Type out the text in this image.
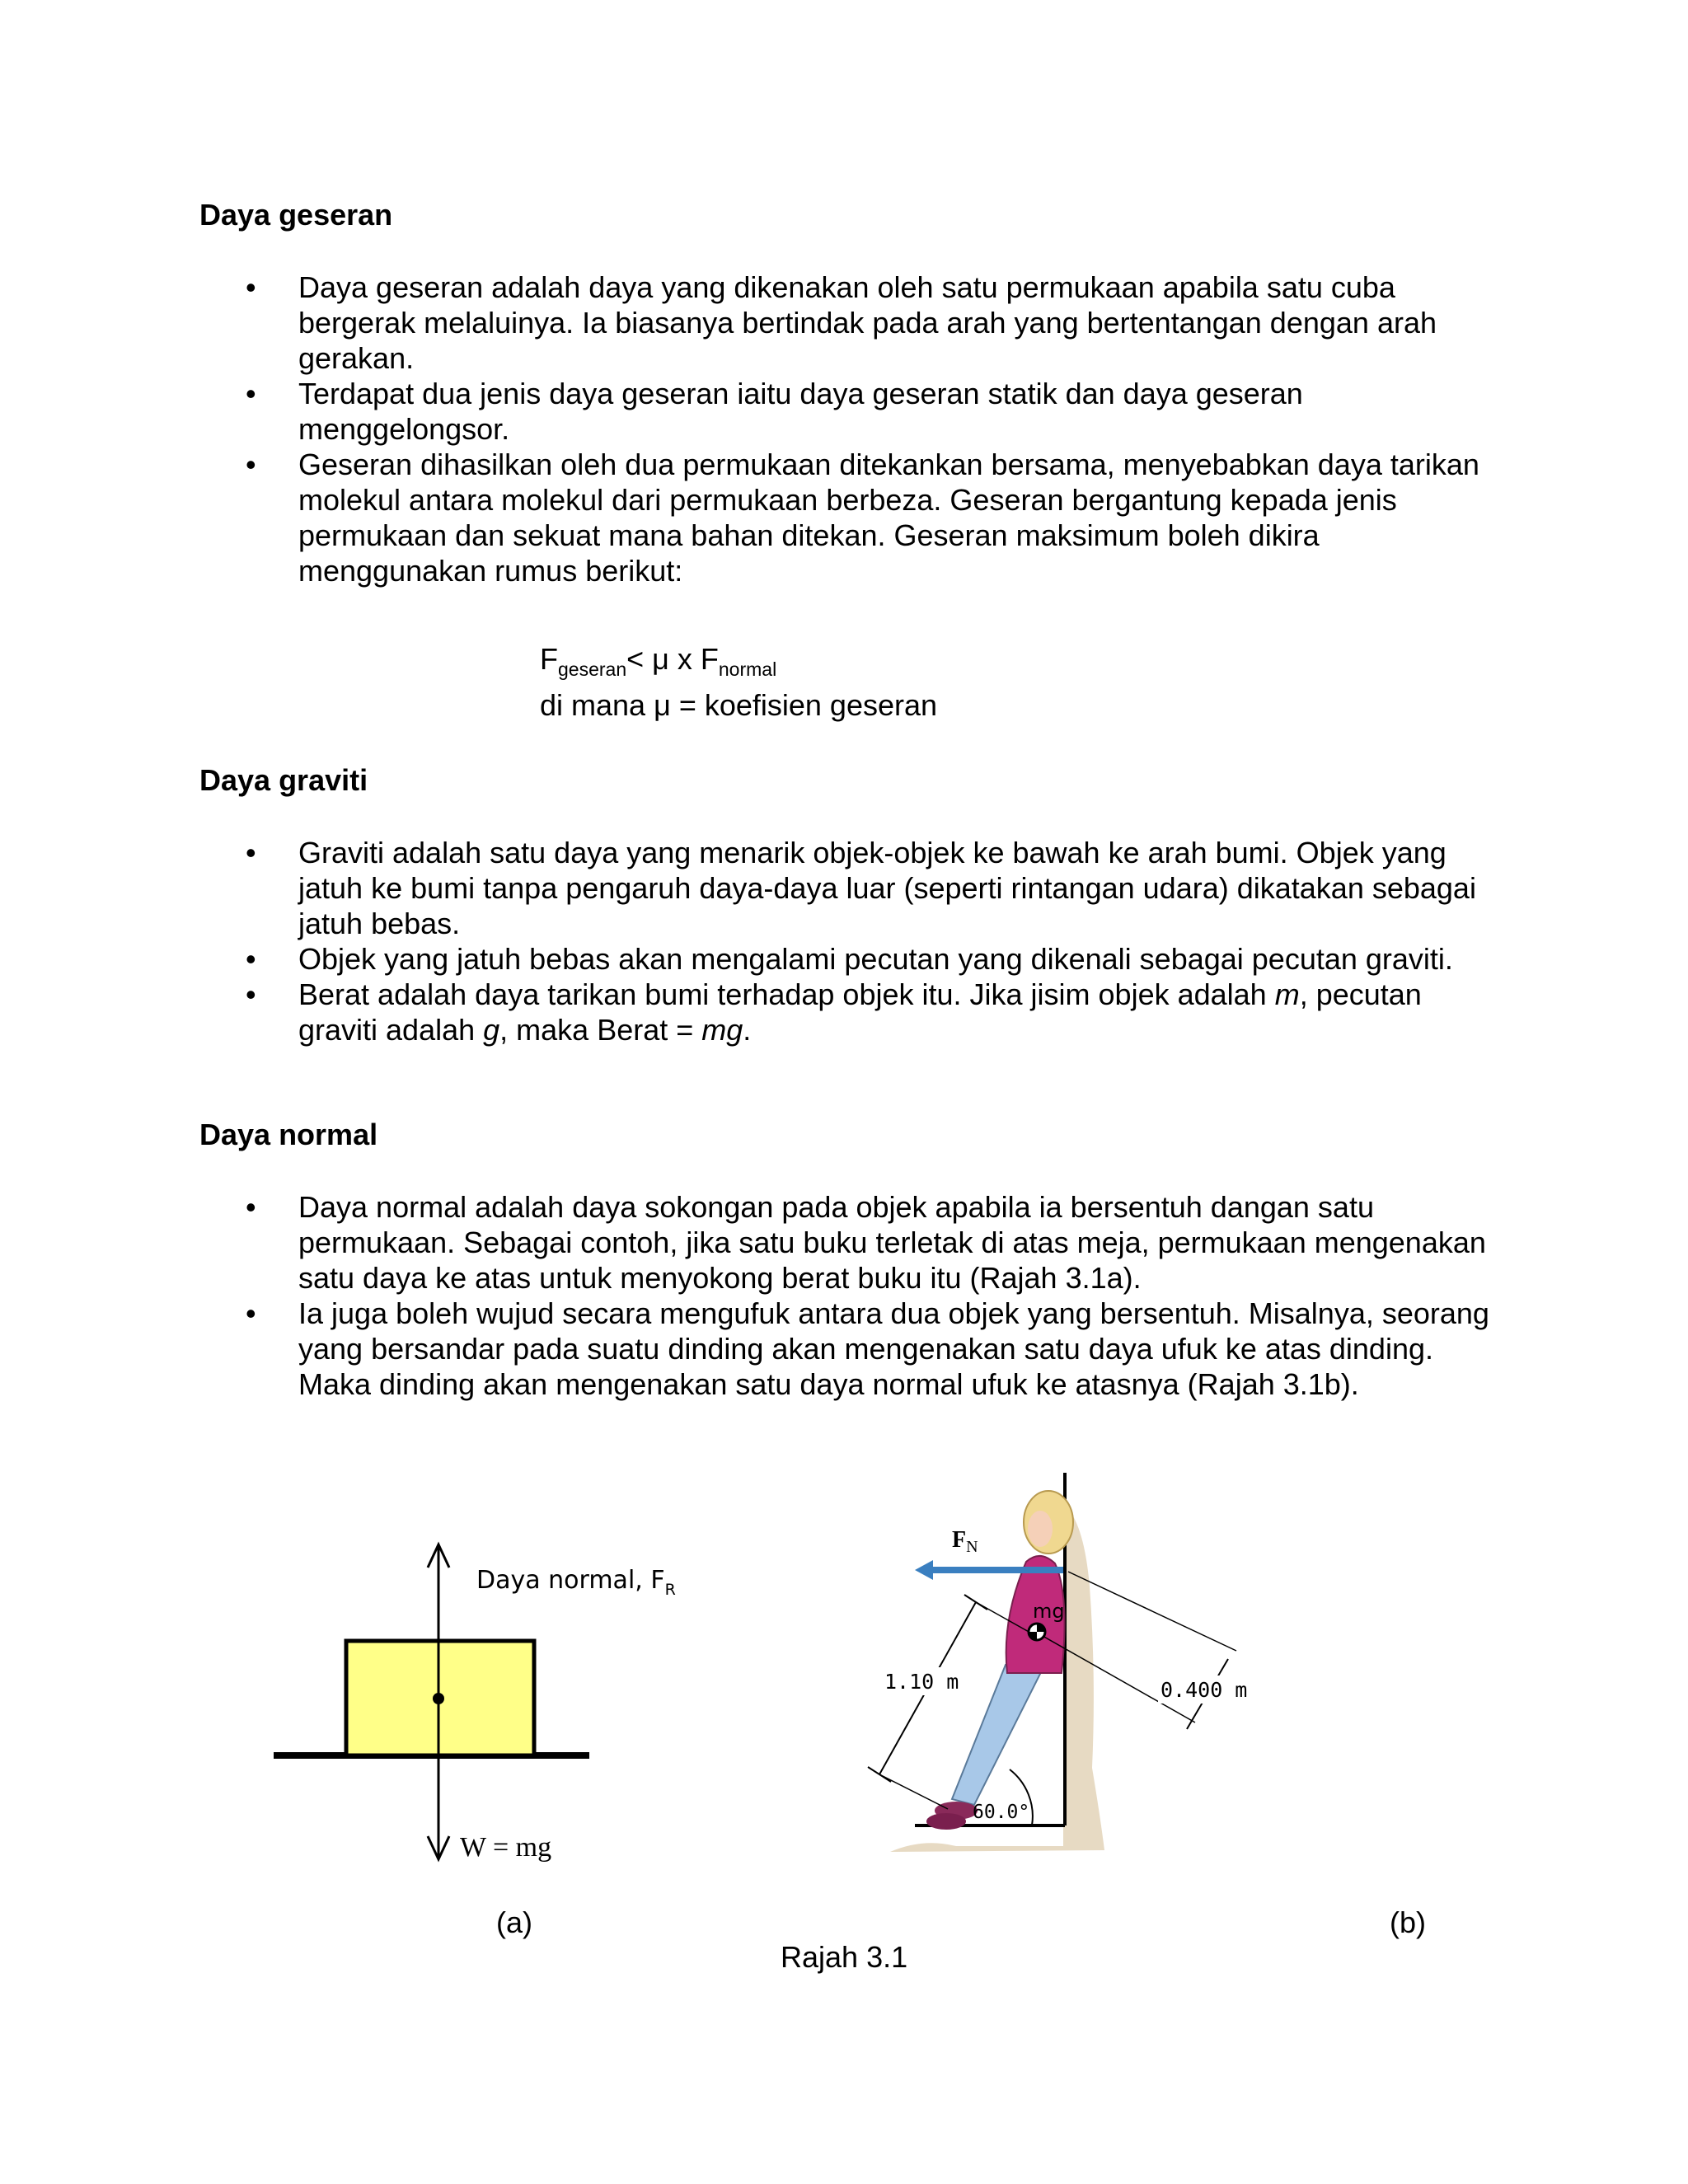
Daya geseran
• Daya geseran adalah daya yang dikenakan oleh satu permukaan apabila satu cuba bergerak melaluinya. Ia biasanya bertindak pada arah yang bertentangan dengan arah gerakan.
• Terdapat dua jenis daya geseran iaitu daya geseran statik dan daya geseran menggelongsor.
• Geseran dihasilkan oleh dua permukaan ditekankan bersama, menyebabkan daya tarikan molekul antara molekul dari permukaan berbeza. Geseran bergantung kepada jenis permukaan dan sekuat mana bahan ditekan. Geseran maksimum boleh dikira menggunakan rumus berikut:
$F_{geseran}< \mu$ x $F_{normal}$
di mana μ = koefisien geseran
Daya graviti
• Graviti adalah satu daya yang menarik objek-objek ke bawah ke arah bumi. Objek yang jatuh ke bumi tanpa pengaruh daya-daya luar (seperti rintangan udara) dikatakan sebagai jatuh bebas.
• Objek yang jatuh bebas akan mengalami pecutan yang dikenali sebagai pecutan graviti.
• Berat adalah daya tarikan bumi terhadap objek itu. Jika jisim objek adalah m, pecutan graviti adalah g, maka Berat = mg.
Daya normal
• Daya normal adalah daya sokongan pada objek apabila ia bersentuh dangan satu permukaan. Sebagai contoh, jika satu buku terletak di atas meja, permukaan mengenakan satu daya ke atas untuk menyokong berat buku itu (Rajah 3.1a).
• Ia juga boleh wujud secara mengufuk antara dua objek yang bersentuh. Misalnya, seorang yang bersandar pada suatu dinding akan mengenakan satu daya ufuk ke atas dinding. Maka dinding akan mengenakan satu daya normal ufuk ke atasnya (Rajah 3.1b).
Daya normal, $F_R$
W = mg
mg
$F_N$
1.10 m	0.400 m
60.0°
(a)	(b)
Rajah 3.1
